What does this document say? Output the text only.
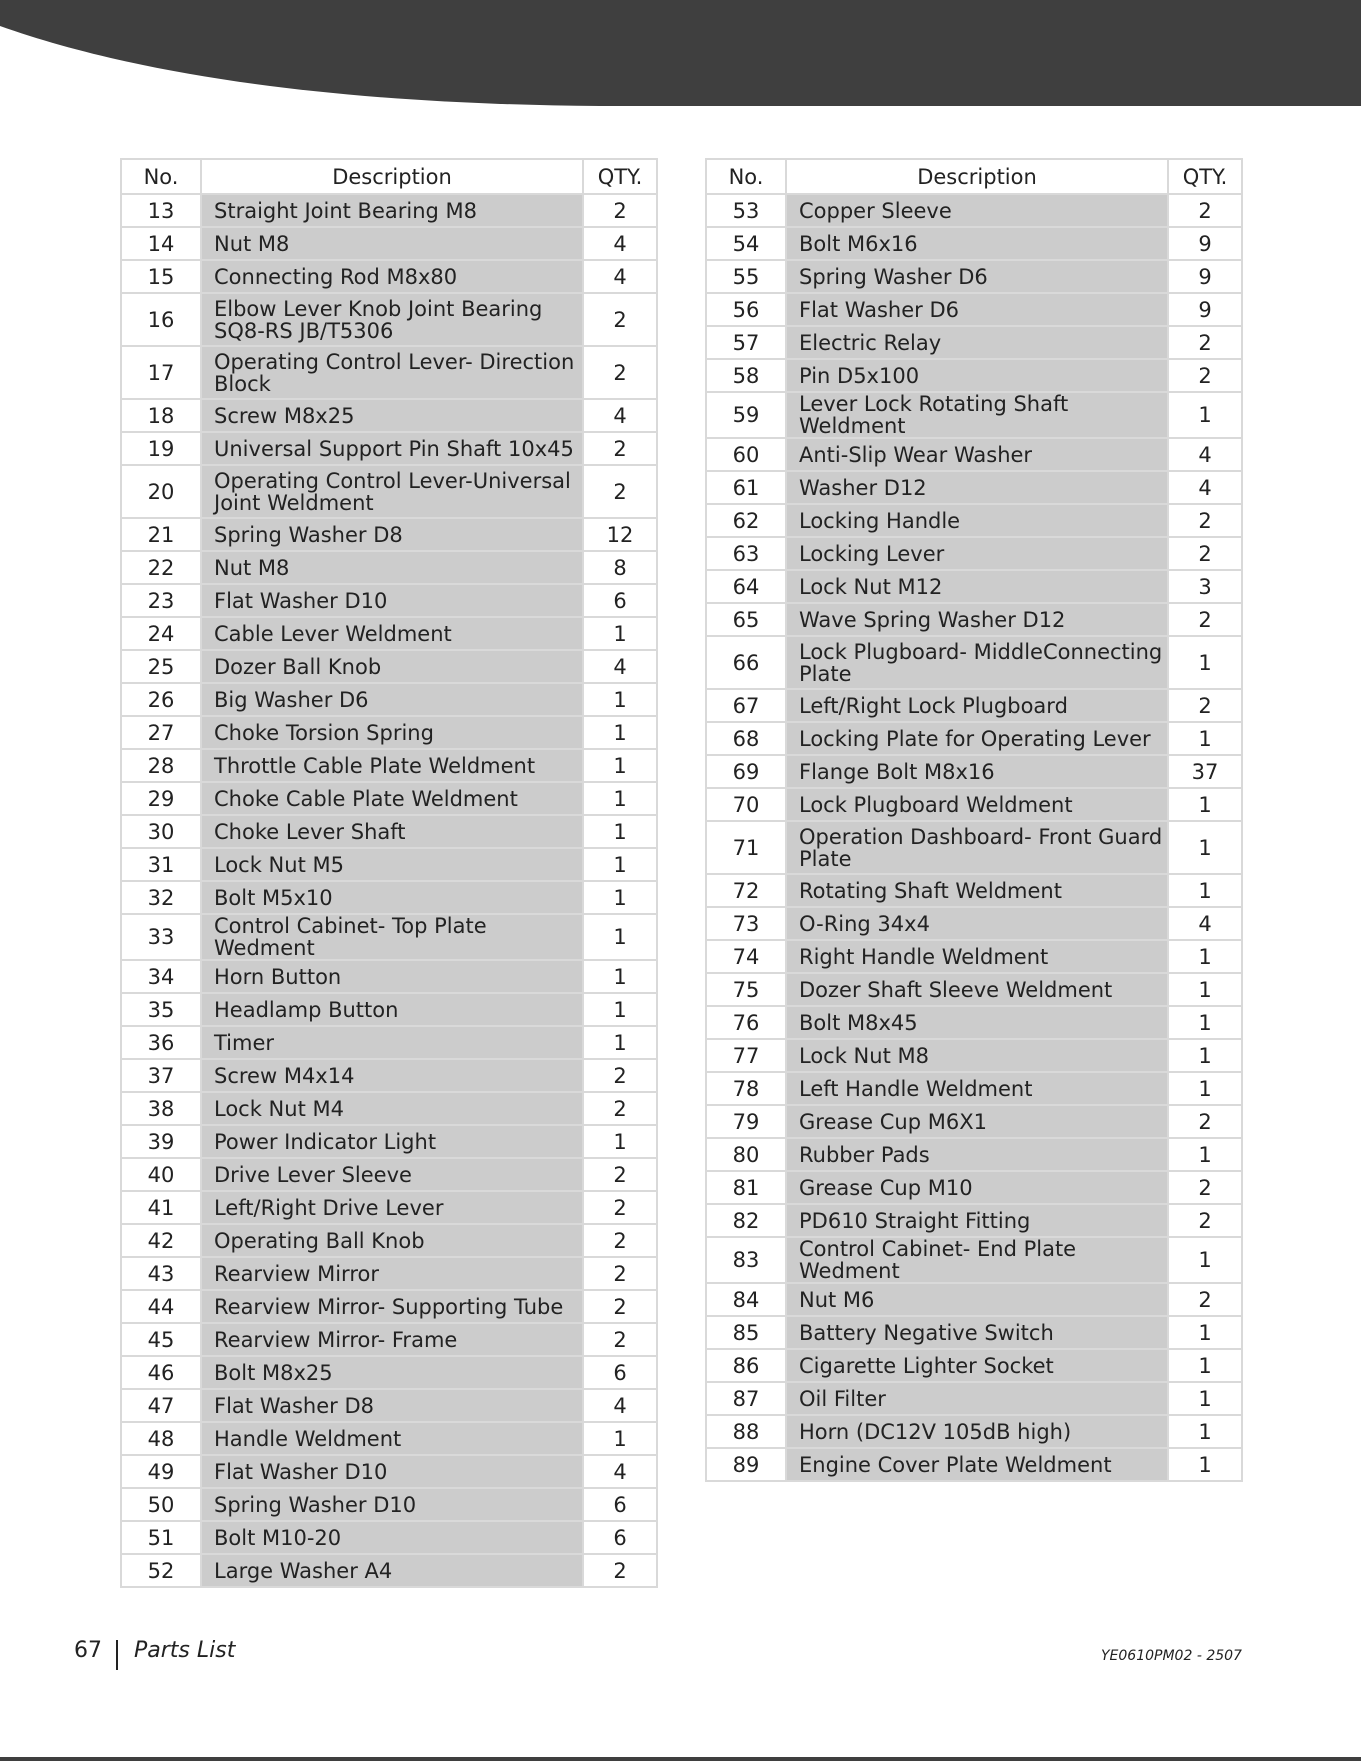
No.	Description	QTY.
13	Straight Joint Bearing M8	2
14	Nut M8	4
15	Connecting Rod M8x80	4
16	Elbow Lever Knob Joint Bearing SQ8-RS JB/T5306	2
17	Operating Control Lever- Direction Block	2
18	Screw M8x25	4
19	Universal Support Pin Shaft 10x45	2
20	Operating Control Lever-Universal Joint Weldment	2
21	Spring Washer D8	12
22	Nut M8	8
23	Flat Washer D10	6
24	Cable Lever Weldment	1
25	Dozer Ball Knob	4
26	Big Washer D6	1
27	Choke Torsion Spring	1
28	Throttle Cable Plate Weldment	1
29	Choke Cable Plate Weldment	1
30	Choke Lever Shaft	1
31	Lock Nut M5	1
32	Bolt M5x10	1
33	Control Cabinet- Top Plate Wedment	1
34	Horn Button	1
35	Headlamp Button	1
36	Timer	1
37	Screw M4x14	2
38	Lock Nut M4	2
39	Power Indicator Light	1
40	Drive Lever Sleeve	2
41	Left/Right Drive Lever	2
42	Operating Ball Knob	2
43	Rearview Mirror	2
44	Rearview Mirror- Supporting Tube	2
45	Rearview Mirror- Frame	2
46	Bolt M8x25	6
47	Flat Washer D8	4
48	Handle Weldment	1
49	Flat Washer D10	4
50	Spring Washer D10	6
51	Bolt M10-20	6
52	Large Washer A4	2
No.	Description	QTY.
53	Copper Sleeve	2
54	Bolt M6x16	9
55	Spring Washer D6	9
56	Flat Washer D6	9
57	Electric Relay	2
58	Pin D5x100	2
59	Lever Lock Rotating Shaft Weldment	1
60	Anti-Slip Wear Washer	4
61	Washer D12	4
62	Locking Handle	2
63	Locking Lever	2
64	Lock Nut M12	3
65	Wave Spring Washer D12	2
66	Lock Plugboard- MiddleConnecting Plate	1
67	Left/Right Lock Plugboard	2
68	Locking Plate for Operating Lever	1
69	Flange Bolt M8x16	37
70	Lock Plugboard Weldment	1
71	Operation Dashboard- Front Guard Plate	1
72	Rotating Shaft Weldment	1
73	O-Ring 34x4	4
74	Right Handle Weldment	1
75	Dozer Shaft Sleeve Weldment	1
76	Bolt M8x45	1
77	Lock Nut M8	1
78	Left Handle Weldment	1
79	Grease Cup M6X1	2
80	Rubber Pads	1
81	Grease Cup M10	2
82	PD610 Straight Fitting	2
83	Control Cabinet- End Plate Wedment	1
84	Nut M6	2
85	Battery Negative Switch	1
86	Cigarette Lighter Socket	1
87	Oil Filter	1
88	Horn (DC12V 105dB high)	1
89	Engine Cover Plate Weldment	1
67 Parts List	YE0610PM02 - 2507
